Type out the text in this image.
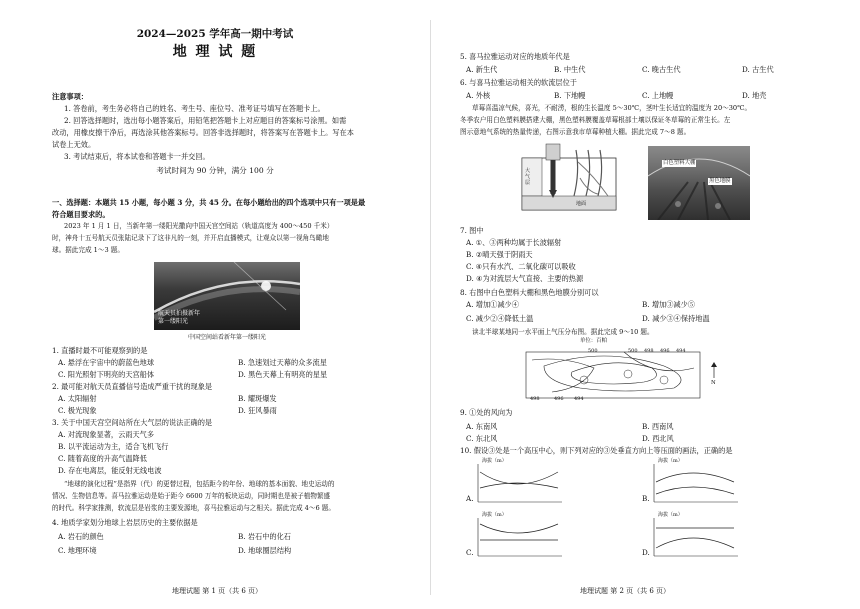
2024—2025 学年高一期中考试
地 理 试 题
注意事项：
1. 答卷前，考生务必将自己的姓名、考生号、座位号、准考证号填写在答题卡上。
2. 回答选择题时，选出每小题答案后，用铅笔把答题卡上对应题目的答案标号涂黑。如需
改动，用橡皮擦干净后，再选涂其他答案标号。回答非选择题时，将答案写在答题卡上。写在本
试卷上无效。
3. 考试结束后，将本试卷和答题卡一并交回。
考试时间为 90 分钟，满分 100 分
一、选择题：本题共 15 小题，每小题 3 分，共 45 分。在每小题给出的四个选项中只有一项是最
符合题目要求的。
2023 年 1 月 1 日，当新年第一缕阳光撒向中国天宫空间站（轨道高度为 400～450 千米）
时，神舟十五号航天员张陆记录下了这非凡的一刻，并开启直播模式，让观众以第一视角鸟瞰地
球。据此完成 1～3 题。
航天员拍摄新年
第一缕阳光
中国空间站看新年第一缕阳光
1. 直播时最不可能观察到的是
A. 悬浮在宇宙中的蔚蓝色地球	B. 急速划过天幕的众多流星
C. 阳光照射下明亮的天宫船体	D. 黑色天幕上有明亮的星星
2. 最可能对航天员直播信号造成严重干扰的现象是
A. 太阳辐射	B. 耀斑爆发
C. 极光现象	D. 狂风暴雨
3. 关于中国天宫空间站所在大气层的说法正确的是
A. 对流现象显著，云雨天气多
B. 以平流运动为主，适合飞机飞行
C. 随着高度的升高气温降低
D. 存在电离层，能反射无线电波
“地球的演化过程”是指界（代）的更替过程，包括距今的年份、地球的基本面貌、地史运动的
情况、生物信息等。喜马拉雅运动是始于距今 6600 万年的板块运动，同时期也是被子植物繁盛
的时代。科学家推测，软流层是岩浆的主要发源地，喜马拉雅运动与之相关。据此完成 4～6 题。
4. 地质学家划分地球上岩层历史的主要依据是
A. 岩石的颜色	B. 岩石中的化石
C. 地理环境	D. 地球圈层结构
地理试题 第 1 页（共 6 页）
5. 喜马拉雅运动对应的地质年代是
A. 新生代	B. 中生代	C. 晚古生代	D. 古生代
6. 与喜马拉雅运动相关的软流层位于
A. 外核	B. 下地幔	C. 上地幔	D. 地壳
草莓喜温凉气候，喜光，不耐涝，根的生长温度 5～30℃，茎叶生长适宜的温度为 20～30℃。
冬季农户用白色塑料膜搭建大棚，黑色塑料膜覆盖草莓根部土壤以保证冬草莓的正常生长。左
图示意地气系统的热量传递，右图示意我市草莓种植大棚。据此完成 7～8 题。
大气层
地面
白色塑料大棚
黑色地膜
7. 图中
A. ①、③两种均属于长波辐射
B. ②晴天强于阴雨天
C. ④只有水汽、二氧化碳可以吸收
D. ④为对流层大气直接、主要的热源
8. 右图中白色塑料大棚和黑色地膜分别可以
A. 增加①减少④	B. 增加③减少⑤
C. 减少②④降低土温	D. 减少③④保持地温
读北半球某地同一水平面上气压分布图。据此完成 9～10 题。
单位：百帕
500	500 498 496 494
498	496 494
N
9. ①处的风向为
A. 东南风	B. 西南风
C. 东北风	D. 西北风
10. 假设③处是一个高压中心，则下列对应的③处垂直方向上等压面的画法，正确的是
海拔（m）
A.
海拔（m）
B.
海拔（m）
C.
海拔（m）
D.
地理试题 第 2 页（共 6 页）
